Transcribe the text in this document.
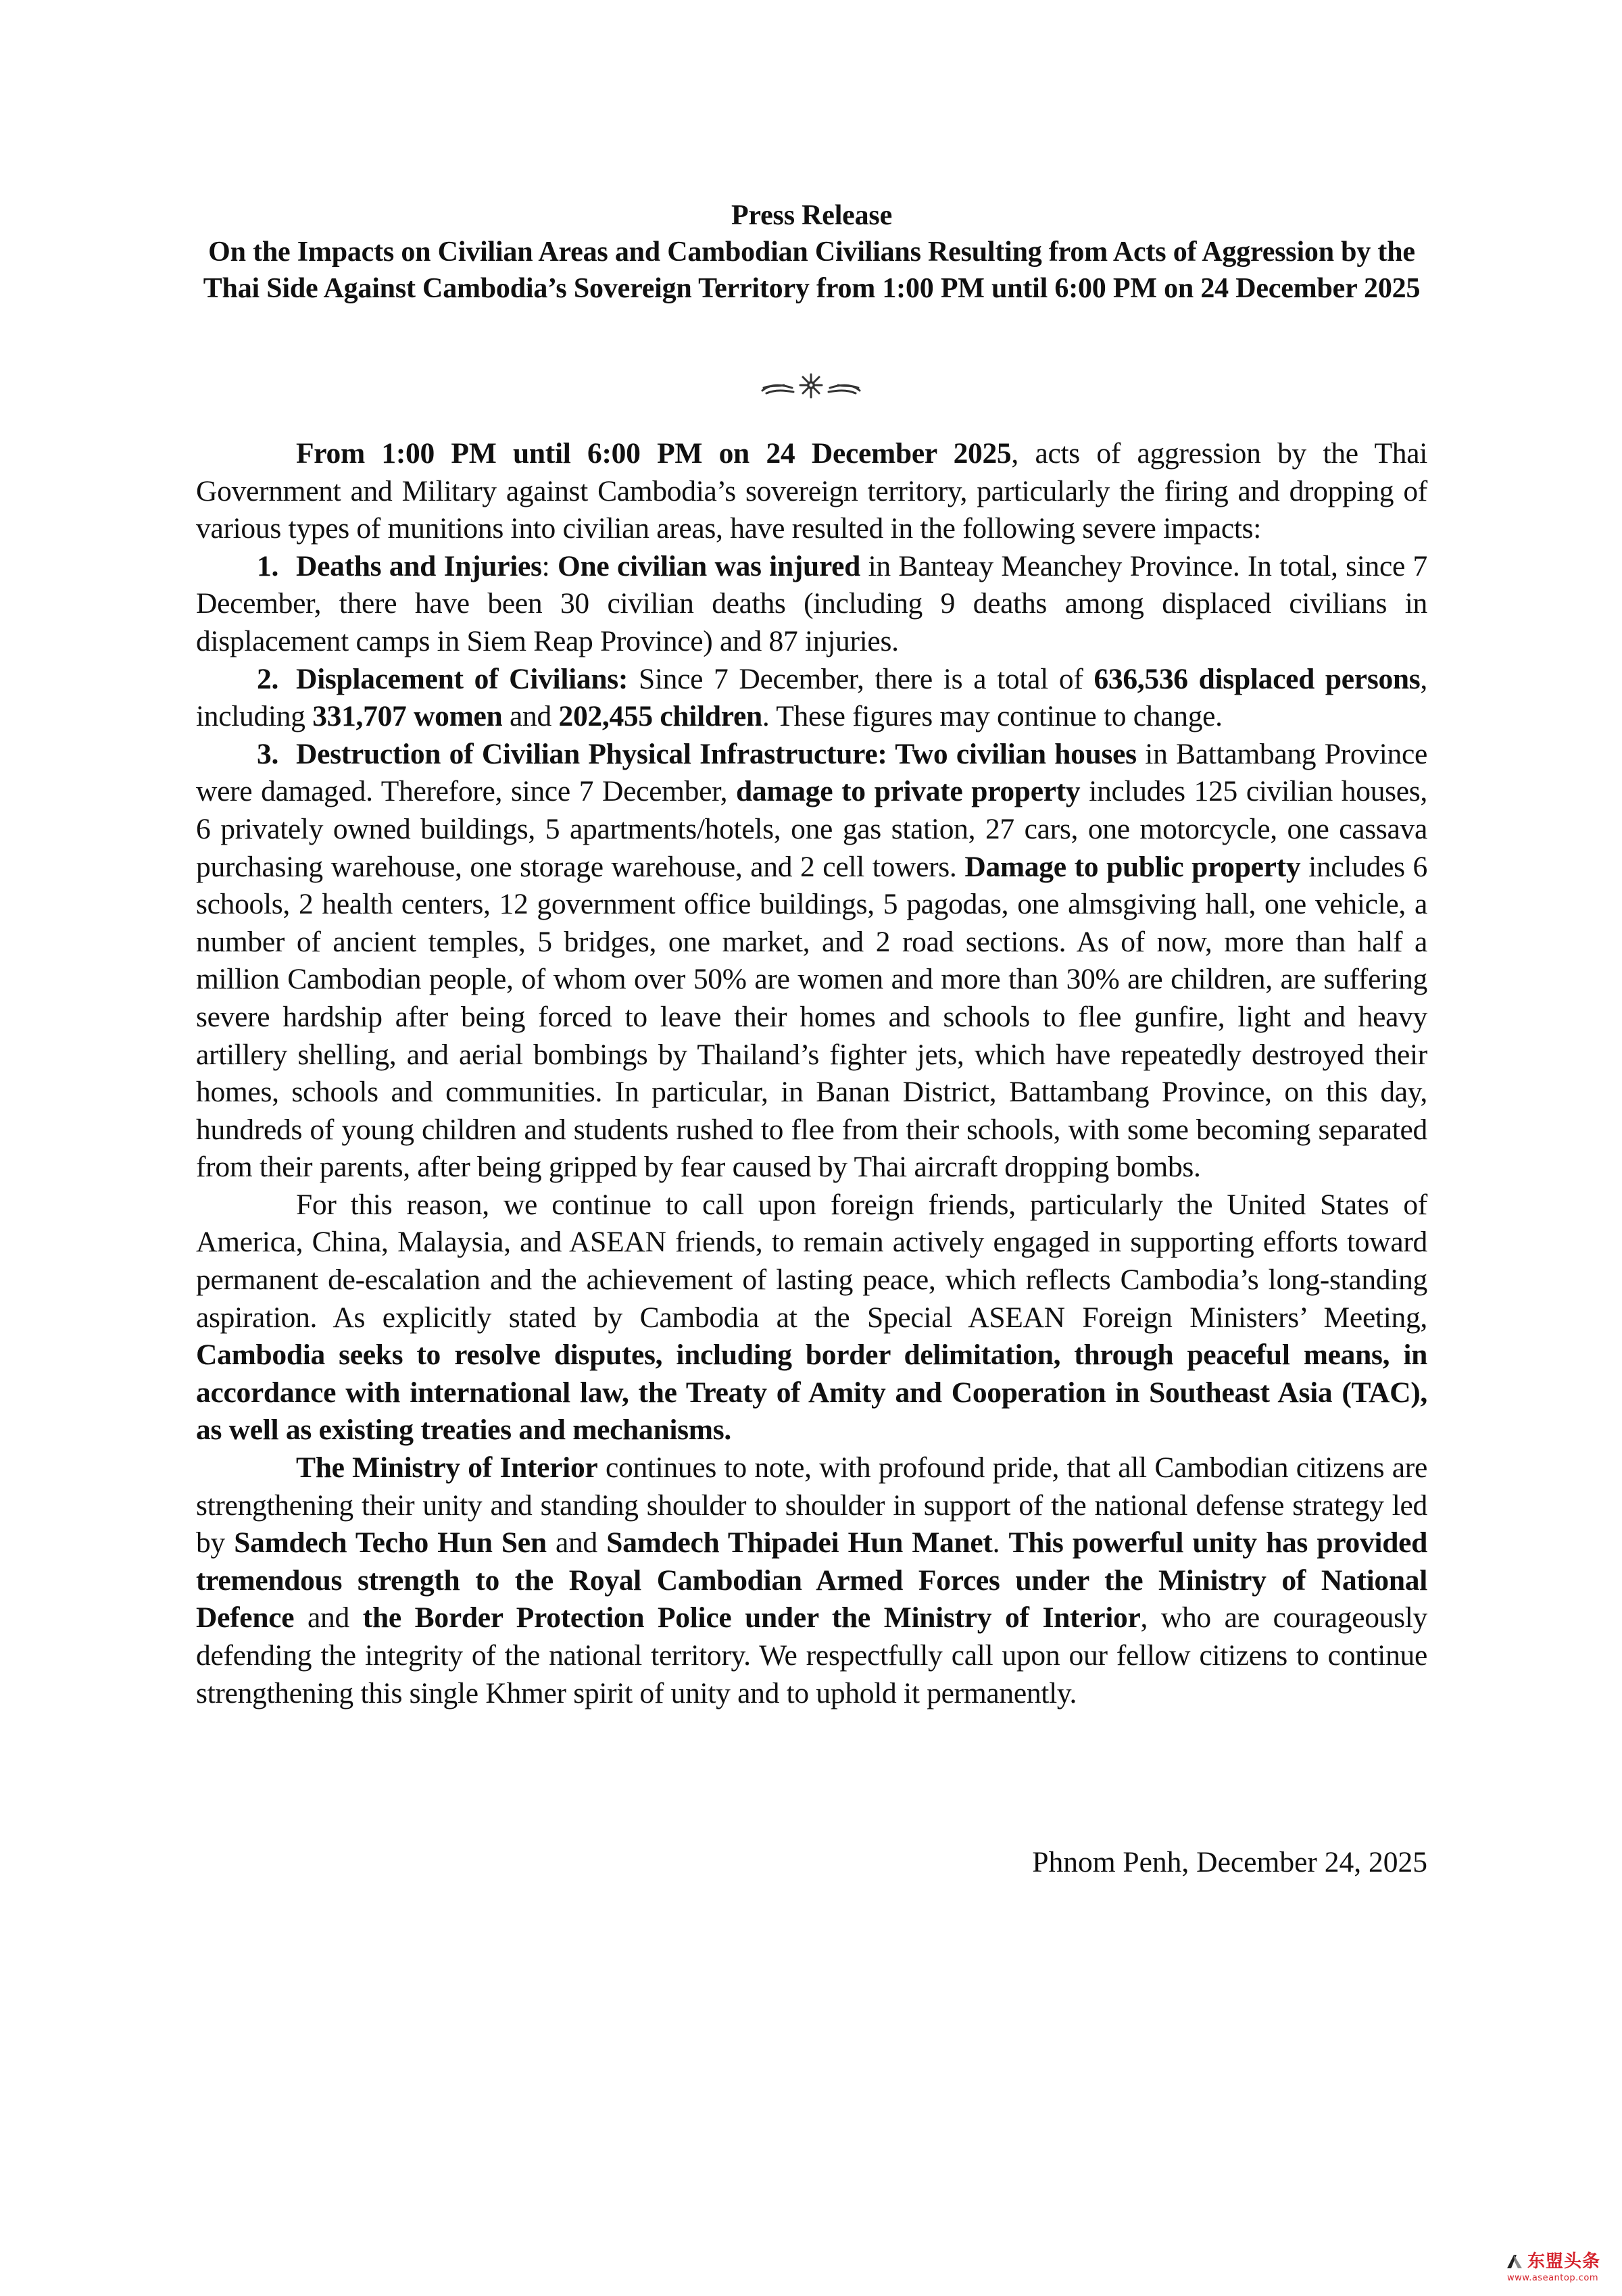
Press Release
On the Impacts on Civilian Areas and Cambodian Civilians Resulting from Acts of Aggression by the Thai Side Against Cambodia’s Sovereign Territory from 1:00 PM until 6:00 PM on 24 December 2025

From 1:00 PM until 6:00 PM on 24 December 2025, acts of aggression by the Thai Government and Military against Cambodia’s sovereign territory, particularly the firing and dropping of various types of munitions into civilian areas, have resulted in the following severe impacts:

1. Deaths and Injuries: One civilian was injured in Banteay Meanchey Province. In total, since 7 December, there have been 30 civilian deaths (including 9 deaths among displaced civilians in displacement camps in Siem Reap Province) and 87 injuries.

2. Displacement of Civilians: Since 7 December, there is a total of 636,536 displaced persons, including 331,707 women and 202,455 children. These figures may continue to change.

3. Destruction of Civilian Physical Infrastructure: Two civilian houses in Battambang Province were damaged. Therefore, since 7 December, damage to private property includes 125 civilian houses, 6 privately owned buildings, 5 apartments/hotels, one gas station, 27 cars, one motorcycle, one cassava purchasing warehouse, one storage warehouse, and 2 cell towers. Damage to public property includes 6 schools, 2 health centers, 12 government office buildings, 5 pagodas, one almsgiving hall, one vehicle, a number of ancient temples, 5 bridges, one market, and 2 road sections. As of now, more than half a million Cambodian people, of whom over 50% are women and more than 30% are children, are suffering severe hardship after being forced to leave their homes and schools to flee gunfire, light and heavy artillery shelling, and aerial bombings by Thailand’s fighter jets, which have repeatedly destroyed their homes, schools and communities. In particular, in Banan District, Battambang Province, on this day, hundreds of young children and students rushed to flee from their schools, with some becoming separated from their parents, after being gripped by fear caused by Thai aircraft dropping bombs.

For this reason, we continue to call upon foreign friends, particularly the United States of America, China, Malaysia, and ASEAN friends, to remain actively engaged in supporting efforts toward permanent de-escalation and the achievement of lasting peace, which reflects Cambodia’s long-standing aspiration. As explicitly stated by Cambodia at the Special ASEAN Foreign Ministers’ Meeting, Cambodia seeks to resolve disputes, including border delimitation, through peaceful means, in accordance with international law, the Treaty of Amity and Cooperation in Southeast Asia (TAC), as well as existing treaties and mechanisms.

The Ministry of Interior continues to note, with profound pride, that all Cambodian citizens are strengthening their unity and standing shoulder to shoulder in support of the national defense strategy led by Samdech Techo Hun Sen and Samdech Thipadei Hun Manet. This powerful unity has provided tremendous strength to the Royal Cambodian Armed Forces under the Ministry of National Defence and the Border Protection Police under the Ministry of Interior, who are courageously defending the integrity of the national territory. We respectfully call upon our fellow citizens to continue strengthening this single Khmer spirit of unity and to uphold it permanently.

Phnom Penh, December 24, 2025
东盟头条
www.aseantop.com
